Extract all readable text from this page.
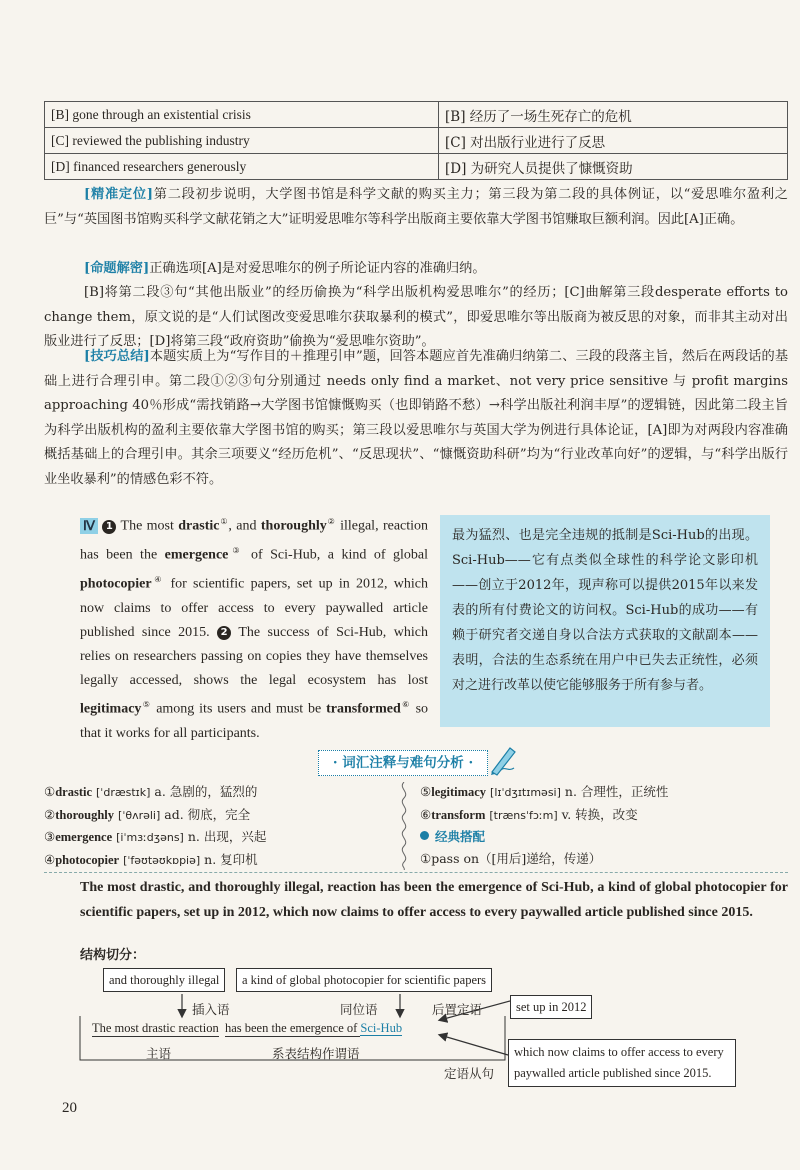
[B] gone through an existential crisis	[B] 经历了一场生死存亡的危机
[C] reviewed the publishing industry	[C] 对出版行业进行了反思
[D] financed researchers generously	[D] 为研究人员提供了慷慨资助

[精准定位]第二段初步说明，大学图书馆是科学文献的购买主力；第三段为第二段的具体例证，以“爱思唯尔盈利之巨”与“英国图书馆购买科学文献花销之大”证明爱思唯尔等科学出版商主要依靠大学图书馆赚取巨额利润。因此[A]正确。

[命题解密]正确选项[A]是对爱思唯尔的例子所论证内容的准确归纳。

[B]将第二段③句“其他出版业”的经历偷换为“科学出版机构爱思唯尔”的经历；[C]曲解第三段desperate efforts to change them，原文说的是“人们试图改变爱思唯尔获取暴利的模式”，即爱思唯尔等出版商为被反思的对象，而非其主动对出版业进行了反思；[D]将第三段“政府资助”偷换为“爱思唯尔资助”。

[技巧总结]本题实质上为“写作目的＋推理引申”题，回答本题应首先准确归纳第二、三段的段落主旨，然后在两段话的基础上进行合理引申。第二段①②③句分别通过 needs only find a market、not very price sensitive 与 profit margins approaching 40％形成“需找销路→大学图书馆慷慨购买（也即销路不愁）→科学出版社利润丰厚”的逻辑链，因此第二段主旨为科学出版机构的盈利主要依靠大学图书馆的购买；第三段以爱思唯尔与英国大学为例进行具体论证，[A]即为对两段内容准确概括基础上的合理引申。其余三项要义“经历危机”、“反思现状”、“慷慨资助科研”均为“行业改革向好”的逻辑，与“科学出版行业坐收暴利”的情感色彩不符。

Ⅳ 1 The most drastic①, and thoroughly② illegal, reaction has been the emergence③ of Sci-Hub, a kind of global photocopier④ for scientific papers, set up in 2012, which now claims to offer access to every paywalled article published since 2015. 2 The success of Sci-Hub, which relies on researchers passing on copies they have themselves legally accessed, shows the legal ecosystem has lost legitimacy⑤ among its users and must be transformed⑥ so that it works for all participants.

最为猛烈、也是完全违规的抵制是Sci-Hub的出现。Sci-Hub——它有点类似全球性的科学论文影印机——创立于2012年，现声称可以提供2015年以来发表的所有付费论文的访问权。Sci-Hub的成功——有赖于研究者交递自身以合法方式获取的文献副本——表明，合法的生态系统在用户中已失去正统性，必须对之进行改革以使它能够服务于所有参与者。
· 词汇注释与难句分析 ·
①drastic [ˈdræstɪk] a. 急剧的，猛烈的
②thoroughly [ˈθʌrəli] ad. 彻底，完全
③emergence [iˈmɜːdʒəns] n. 出现，兴起
④photocopier [ˈfəʊtəʊkɒpiə] n. 复印机
⑤legitimacy [lɪˈdʒɪtɪməsi] n. 合理性，正统性
⑥transform [trænsˈfɔːm] v. 转换，改变
经典搭配
①pass on（[用后]递给，传递）

The most drastic, and thoroughly illegal, reaction has been the emergence of Sci-Hub, a kind of global photocopier for scientific papers, set up in 2012, which now claims to offer access to every paywalled article published since 2015.

结构切分：
and thoroughly illegal	a kind of global photocopier for scientific papers
set up in 2012
插入语	同位语	后置定语
The most drastic reaction has been the emergence of Sci-Hub
主语	系表结构作谓语	which now claims to offer access to every paywalled article published since 2015.
定语从句
20
